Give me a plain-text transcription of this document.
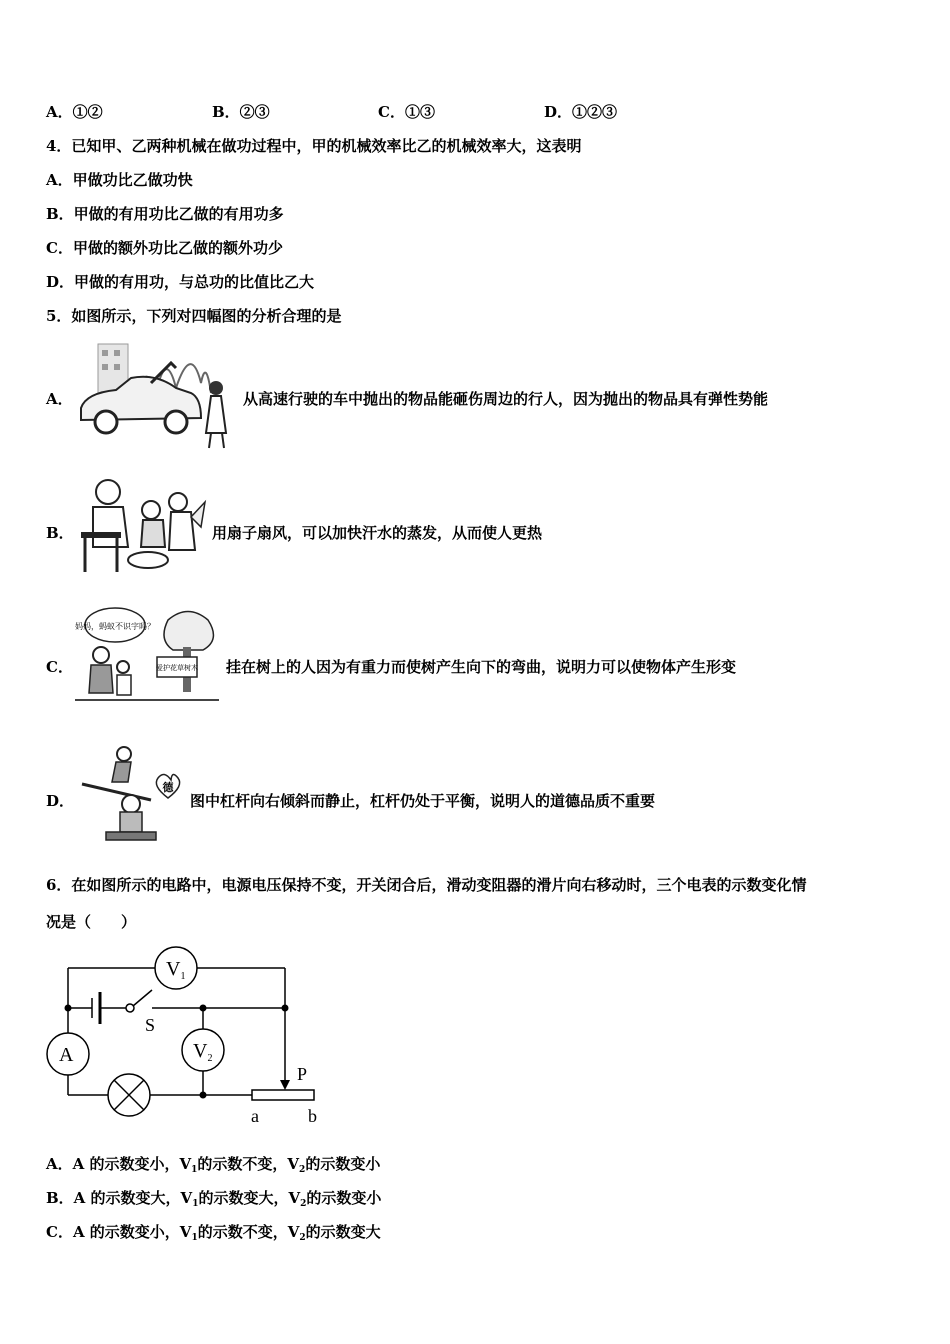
A．①②	B．②③	C．①③	D．①②③
4．已知甲、乙两种机械在做功过程中，甲的机械效率比乙的机械效率大，这表明
A．甲做功比乙做功快
B．甲做的有用功比乙做的有用功多
C．甲做的额外功比乙做的额外功少
D．甲做的有用功，与总功的比值比乙大
5．如图所示，下列对四幅图的分析合理的是
A．	从高速行驶的车中抛出的物品能砸伤周边的行人，因为抛出的物品具有弹性势能
B．	用扇子扇风，可以加快汗水的蒸发，从而使人更热
C．
妈妈，蚂蚁不识字吗？
爱护花草树木 挂在树上的人因为有重力而使树产生向下的弯曲，说明力可以使物体产生形变
D．
德
图中杠杆向右倾斜而静止，杠杆仍处于平衡，说明人的道德品质不重要
6．在如图所示的电路中，电源电压保持不变，开关闭合后，滑动变阻器的滑片向右移动时，三个电表的示数变化情
况是（　　）
$V_1$
A	$V_2$
S
P
a	b
A．A 的示数变小，$V_1$的示数不变，$V_2$的示数变小
B．A 的示数变大，$V_1$的示数变大，$V_2$的示数变小
C．A 的示数变小，$V_1$的示数不变，$V_2$的示数变大
